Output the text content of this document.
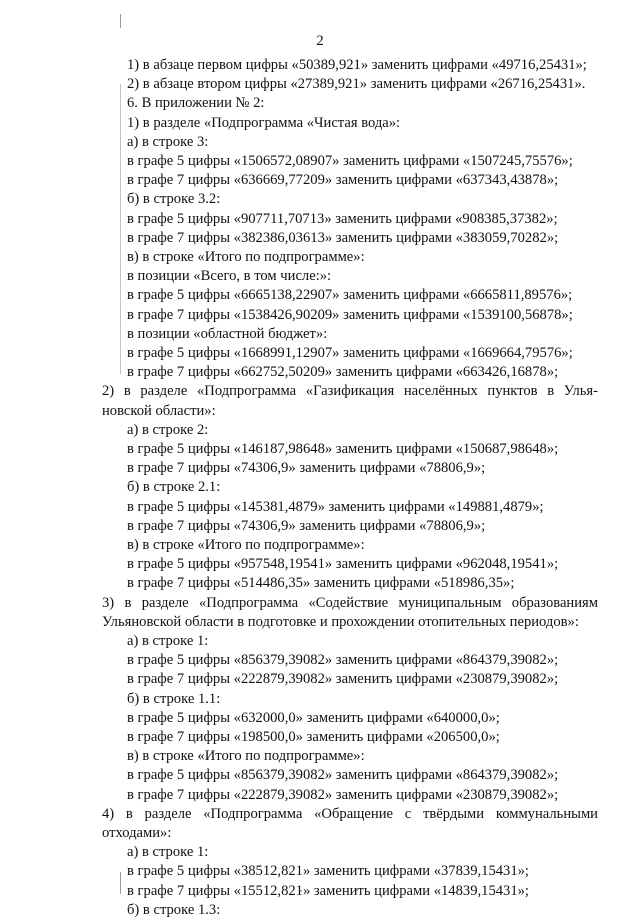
2
1) в абзаце первом цифры «50389,921» заменить цифрами «49716,25431»;
2) в абзаце втором цифры «27389,921» заменить цифрами «26716,25431».
6. В приложении № 2:
1) в разделе «Подпрограмма «Чистая вода»:
а) в строке 3:
в графе 5 цифры «1506572,08907» заменить цифрами «1507245,75576»;
в графе 7 цифры «636669,77209» заменить цифрами «637343,43878»;
б) в строке 3.2:
в графе 5 цифры «907711,70713» заменить цифрами «908385,37382»;
в графе 7 цифры «382386,03613» заменить цифрами «383059,70282»;
в) в строке «Итого по подпрограмме»:
в позиции «Всего, в том числе:»:
в графе 5 цифры «6665138,22907» заменить цифрами «6665811,89576»;
в графе 7 цифры «1538426,90209» заменить цифрами «1539100,56878»;
в позиции «областной бюджет»:
в графе 5 цифры «1668991,12907» заменить цифрами «1669664,79576»;
в графе 7 цифры «662752,50209» заменить цифрами «663426,16878»;
2) в разделе «Подпрограмма «Газификация населённых пунктов в Улья-
новской области»:
а) в строке 2:
в графе 5 цифры «146187,98648» заменить цифрами «150687,98648»;
в графе 7 цифры «74306,9» заменить цифрами «78806,9»;
б) в строке 2.1:
в графе 5 цифры «145381,4879» заменить цифрами «149881,4879»;
в графе 7 цифры «74306,9» заменить цифрами «78806,9»;
в) в строке «Итого по подпрограмме»:
в графе 5 цифры «957548,19541» заменить цифрами «962048,19541»;
в графе 7 цифры «514486,35» заменить цифрами «518986,35»;
3) в разделе «Подпрограмма «Содействие муниципальным образованиям
Ульяновской области в подготовке и прохождении отопительных периодов»:
а) в строке 1:
в графе 5 цифры «856379,39082» заменить цифрами «864379,39082»;
в графе 7 цифры «222879,39082» заменить цифрами «230879,39082»;
б) в строке 1.1:
в графе 5 цифры «632000,0» заменить цифрами «640000,0»;
в графе 7 цифры «198500,0» заменить цифрами «206500,0»;
в) в строке «Итого по подпрограмме»:
в графе 5 цифры «856379,39082» заменить цифрами «864379,39082»;
в графе 7 цифры «222879,39082» заменить цифрами «230879,39082»;
4) в разделе «Подпрограмма «Обращение с твёрдыми коммунальными
отходами»:
а) в строке 1:
в графе 5 цифры «38512,821» заменить цифрами «37839,15431»;
в графе 7 цифры «15512,821» заменить цифрами «14839,15431»;
б) в строке 1.3:
